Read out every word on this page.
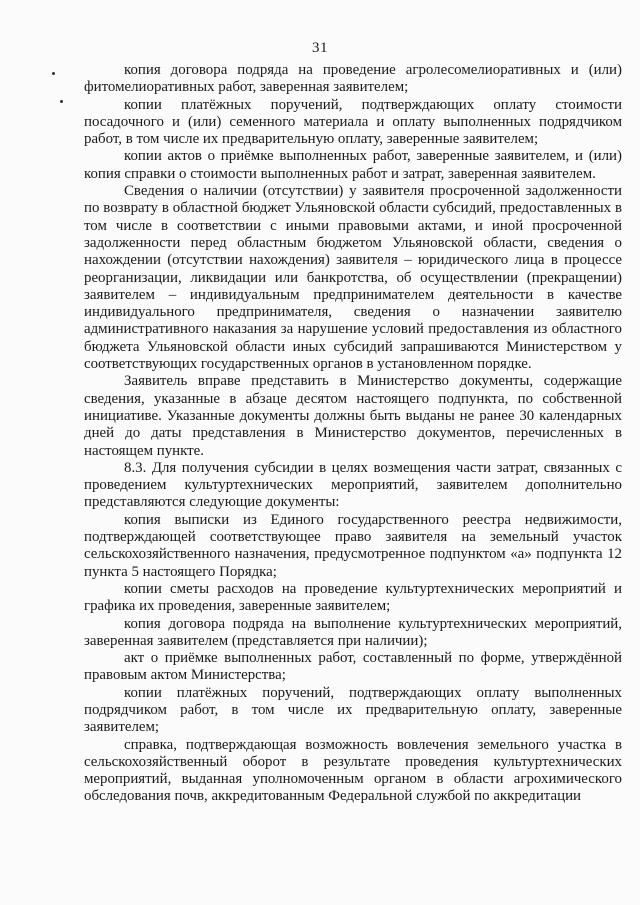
31

копия договора подряда на проведение агролесомелиоративных и (или) фитомелиоративных работ, заверенная заявителем;

копии платёжных поручений, подтверждающих оплату стоимости посадочного и (или) семенного материала и оплату выполненных подрядчиком работ, в том числе их предварительную оплату, заверенные заявителем;

копии актов о приёмке выполненных работ, заверенные заявителем, и (или) копия справки о стоимости выполненных работ и затрат, заверенная заявителем.

Сведения о наличии (отсутствии) у заявителя просроченной задолженности по возврату в областной бюджет Ульяновской области субсидий, предоставленных в том числе в соответствии с иными правовыми актами, и иной просроченной задолженности перед областным бюджетом Ульяновской области, сведения о нахождении (отсутствии нахождения) заявителя – юридического лица в процессе реорганизации, ликвидации или банкротства, об осуществлении (прекращении) заявителем – индивидуальным предпринимателем деятельности в качестве индивидуального предпринимателя, сведения о назначении заявителю административного наказания за нарушение условий предоставления из областного бюджета Ульяновской области иных субсидий запрашиваются Министерством у соответствующих государственных органов в установленном порядке.

Заявитель вправе представить в Министерство документы, содержащие сведения, указанные в абзаце десятом настоящего подпункта, по собственной инициативе. Указанные документы должны быть выданы не ранее 30 календарных дней до даты представления в Министерство документов, перечисленных в настоящем пункте.

8.3. Для получения субсидии в целях возмещения части затрат, связанных с проведением культуртехнических мероприятий, заявителем дополнительно представляются следующие документы:

копия выписки из Единого государственного реестра недвижимости, подтверждающей соответствующее право заявителя на земельный участок сельскохозяйственного назначения, предусмотренное подпунктом «а» подпункта 12 пункта 5 настоящего Порядка;

копии сметы расходов на проведение культуртехнических мероприятий и графика их проведения, заверенные заявителем;

копия договора подряда на выполнение культуртехнических мероприятий, заверенная заявителем (представляется при наличии);

акт о приёмке выполненных работ, составленный по форме, утверждённой правовым актом Министерства;

копии платёжных поручений, подтверждающих оплату выполненных подрядчиком работ, в том числе их предварительную оплату, заверенные заявителем;

справка, подтверждающая возможность вовлечения земельного участка в сельскохозяйственный оборот в результате проведения культуртехнических мероприятий, выданная уполномоченным органом в области агрохимического обследования почв, аккредитованным Федеральной службой по аккредитации
